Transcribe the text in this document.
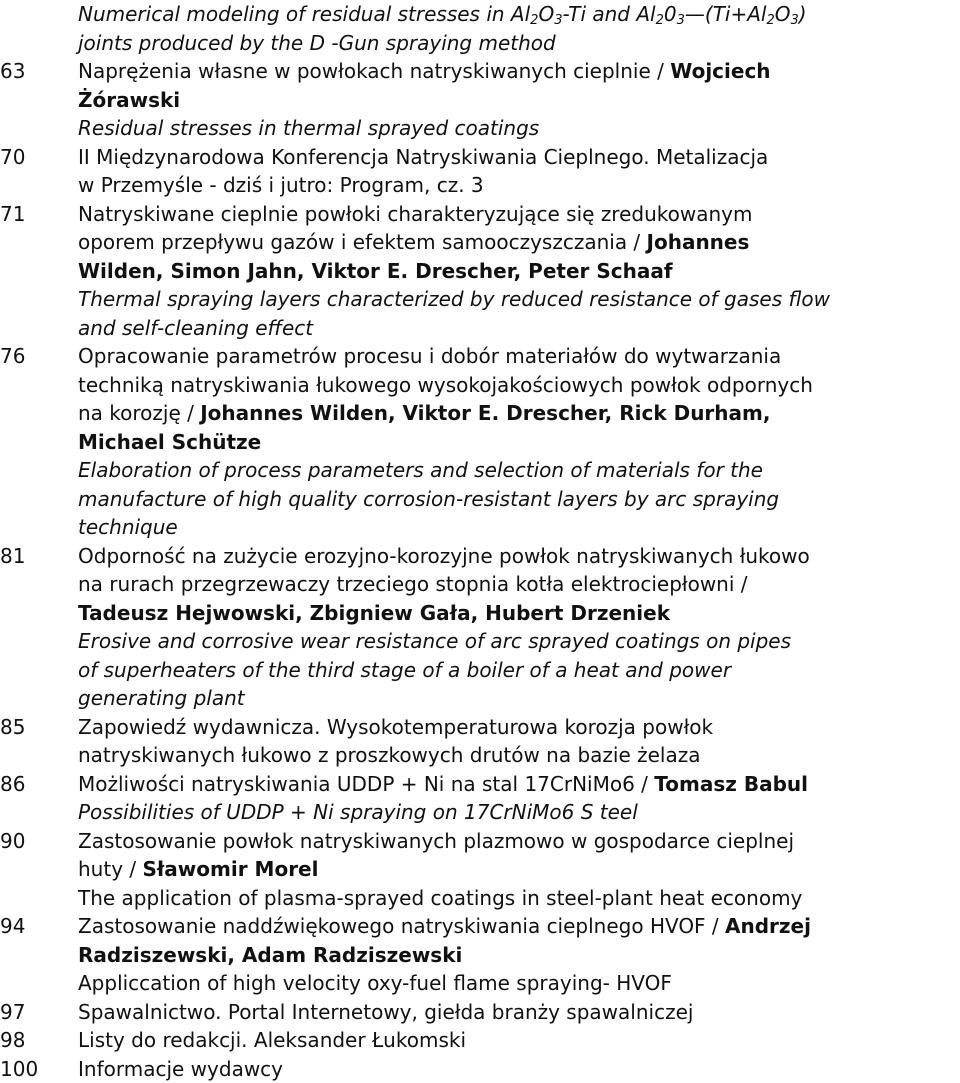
Numerical modeling of residual stresses in $Al_2O_3-Ti$ and $Al_20_3—(Ti+Al_2O_3)$
joints produced by the D -Gun spraying method
63	Naprężenia własne w powłokach natryskiwanych cieplnie / Wojciech
Żórawski
Residual stresses in thermal sprayed coatings
70	II Międzynarodowa Konferencja Natryskiwania Cieplnego. Metalizacja
w Przemyśle - dziś i jutro: Program, cz. 3
71	Natryskiwane cieplnie powłoki charakteryzujące się zredukowanym
oporem przepływu gazów i efektem samooczyszczania / Johannes
Wilden, Simon Jahn, Viktor E. Drescher, Peter Schaaf
Thermal spraying layers characterized by reduced resistance of gases flow
and self-cleaning effect
76	Opracowanie parametrów procesu i dobór materiałów do wytwarzania
techniką natryskiwania łukowego wysokojakościowych powłok odpornych
na korozję / Johannes Wilden, Viktor E. Drescher, Rick Durham,
Michael Schütze
Elaboration of process parameters and selection of materials for the
manufacture of high quality corrosion-resistant layers by arc spraying
technique
81	Odporność na zużycie erozyjno-korozyjne powłok natryskiwanych łukowo
na rurach przegrzewaczy trzeciego stopnia kotła elektrociepłowni /
Tadeusz Hejwowski, Zbigniew Gała, Hubert Drzeniek
Erosive and corrosive wear resistance of arc sprayed coatings on pipes
of superheaters of the third stage of a boiler of a heat and power
generating plant
85	Zapowiedź wydawnicza. Wysokotemperaturowa korozja powłok
natryskiwanych łukowo z proszkowych drutów na bazie żelaza
86	Możliwości natryskiwania UDDP + Ni na stal 17CrNiMo6 / Tomasz Babul
Possibilities of UDDP + Ni spraying on 17CrNiMo6 S teel
90	Zastosowanie powłok natryskiwanych plazmowo w gospodarce cieplnej
huty / Sławomir Morel
The application of plasma-sprayed coatings in steel-plant heat economy
94	Zastosowanie naddźwiękowego natryskiwania cieplnego HVOF / Andrzej
Radziszewski, Adam Radziszewski
Applicca‌tion of high velocity oxy-fuel flame spraying- HVOF
97	Spawalnictwo. Portal Internetowy, giełda branży spawalniczej
98	Listy do redakcji. Aleksander Łukomski
100	Informacje wydawcy
